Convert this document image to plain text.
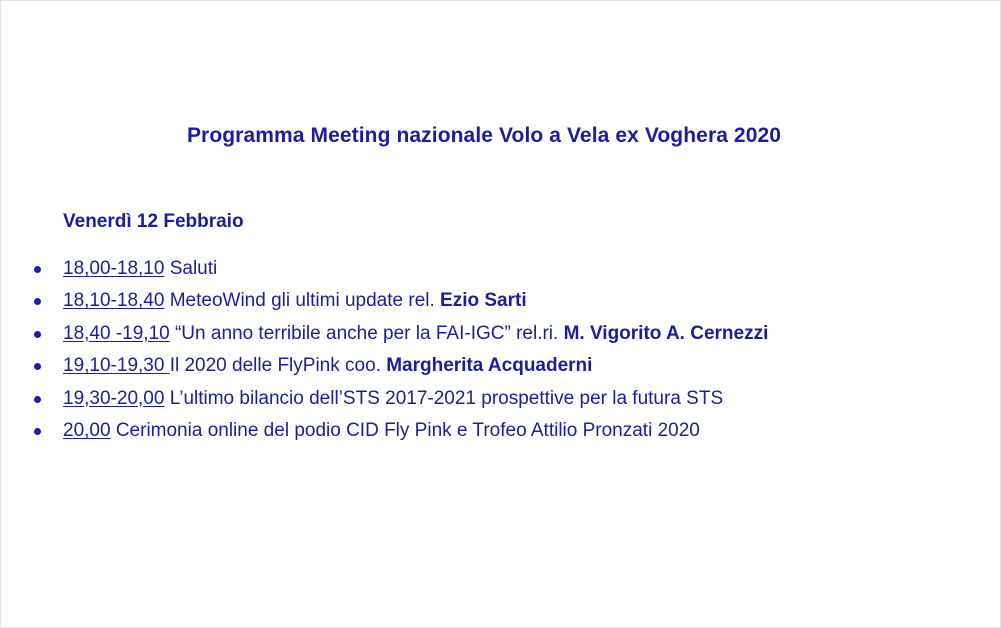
Programma Meeting nazionale Volo a Vela ex Voghera 2020
Venerdì 12 Febbraio
18,00-18,10 Saluti
18,10-18,40 MeteoWind gli ultimi update rel. Ezio Sarti
18,40 -19,10 “Un anno terribile anche per la FAI-IGC” rel.ri. M. Vigorito A. Cernezzi
19,10-19,30 Il 2020 delle FlyPink coo. Margherita Acquaderni
19,30-20,00 L’ultimo bilancio dell’STS 2017-2021 prospettive per la futura STS
20,00 Cerimonia online del podio CID Fly Pink e Trofeo Attilio Pronzati 2020
